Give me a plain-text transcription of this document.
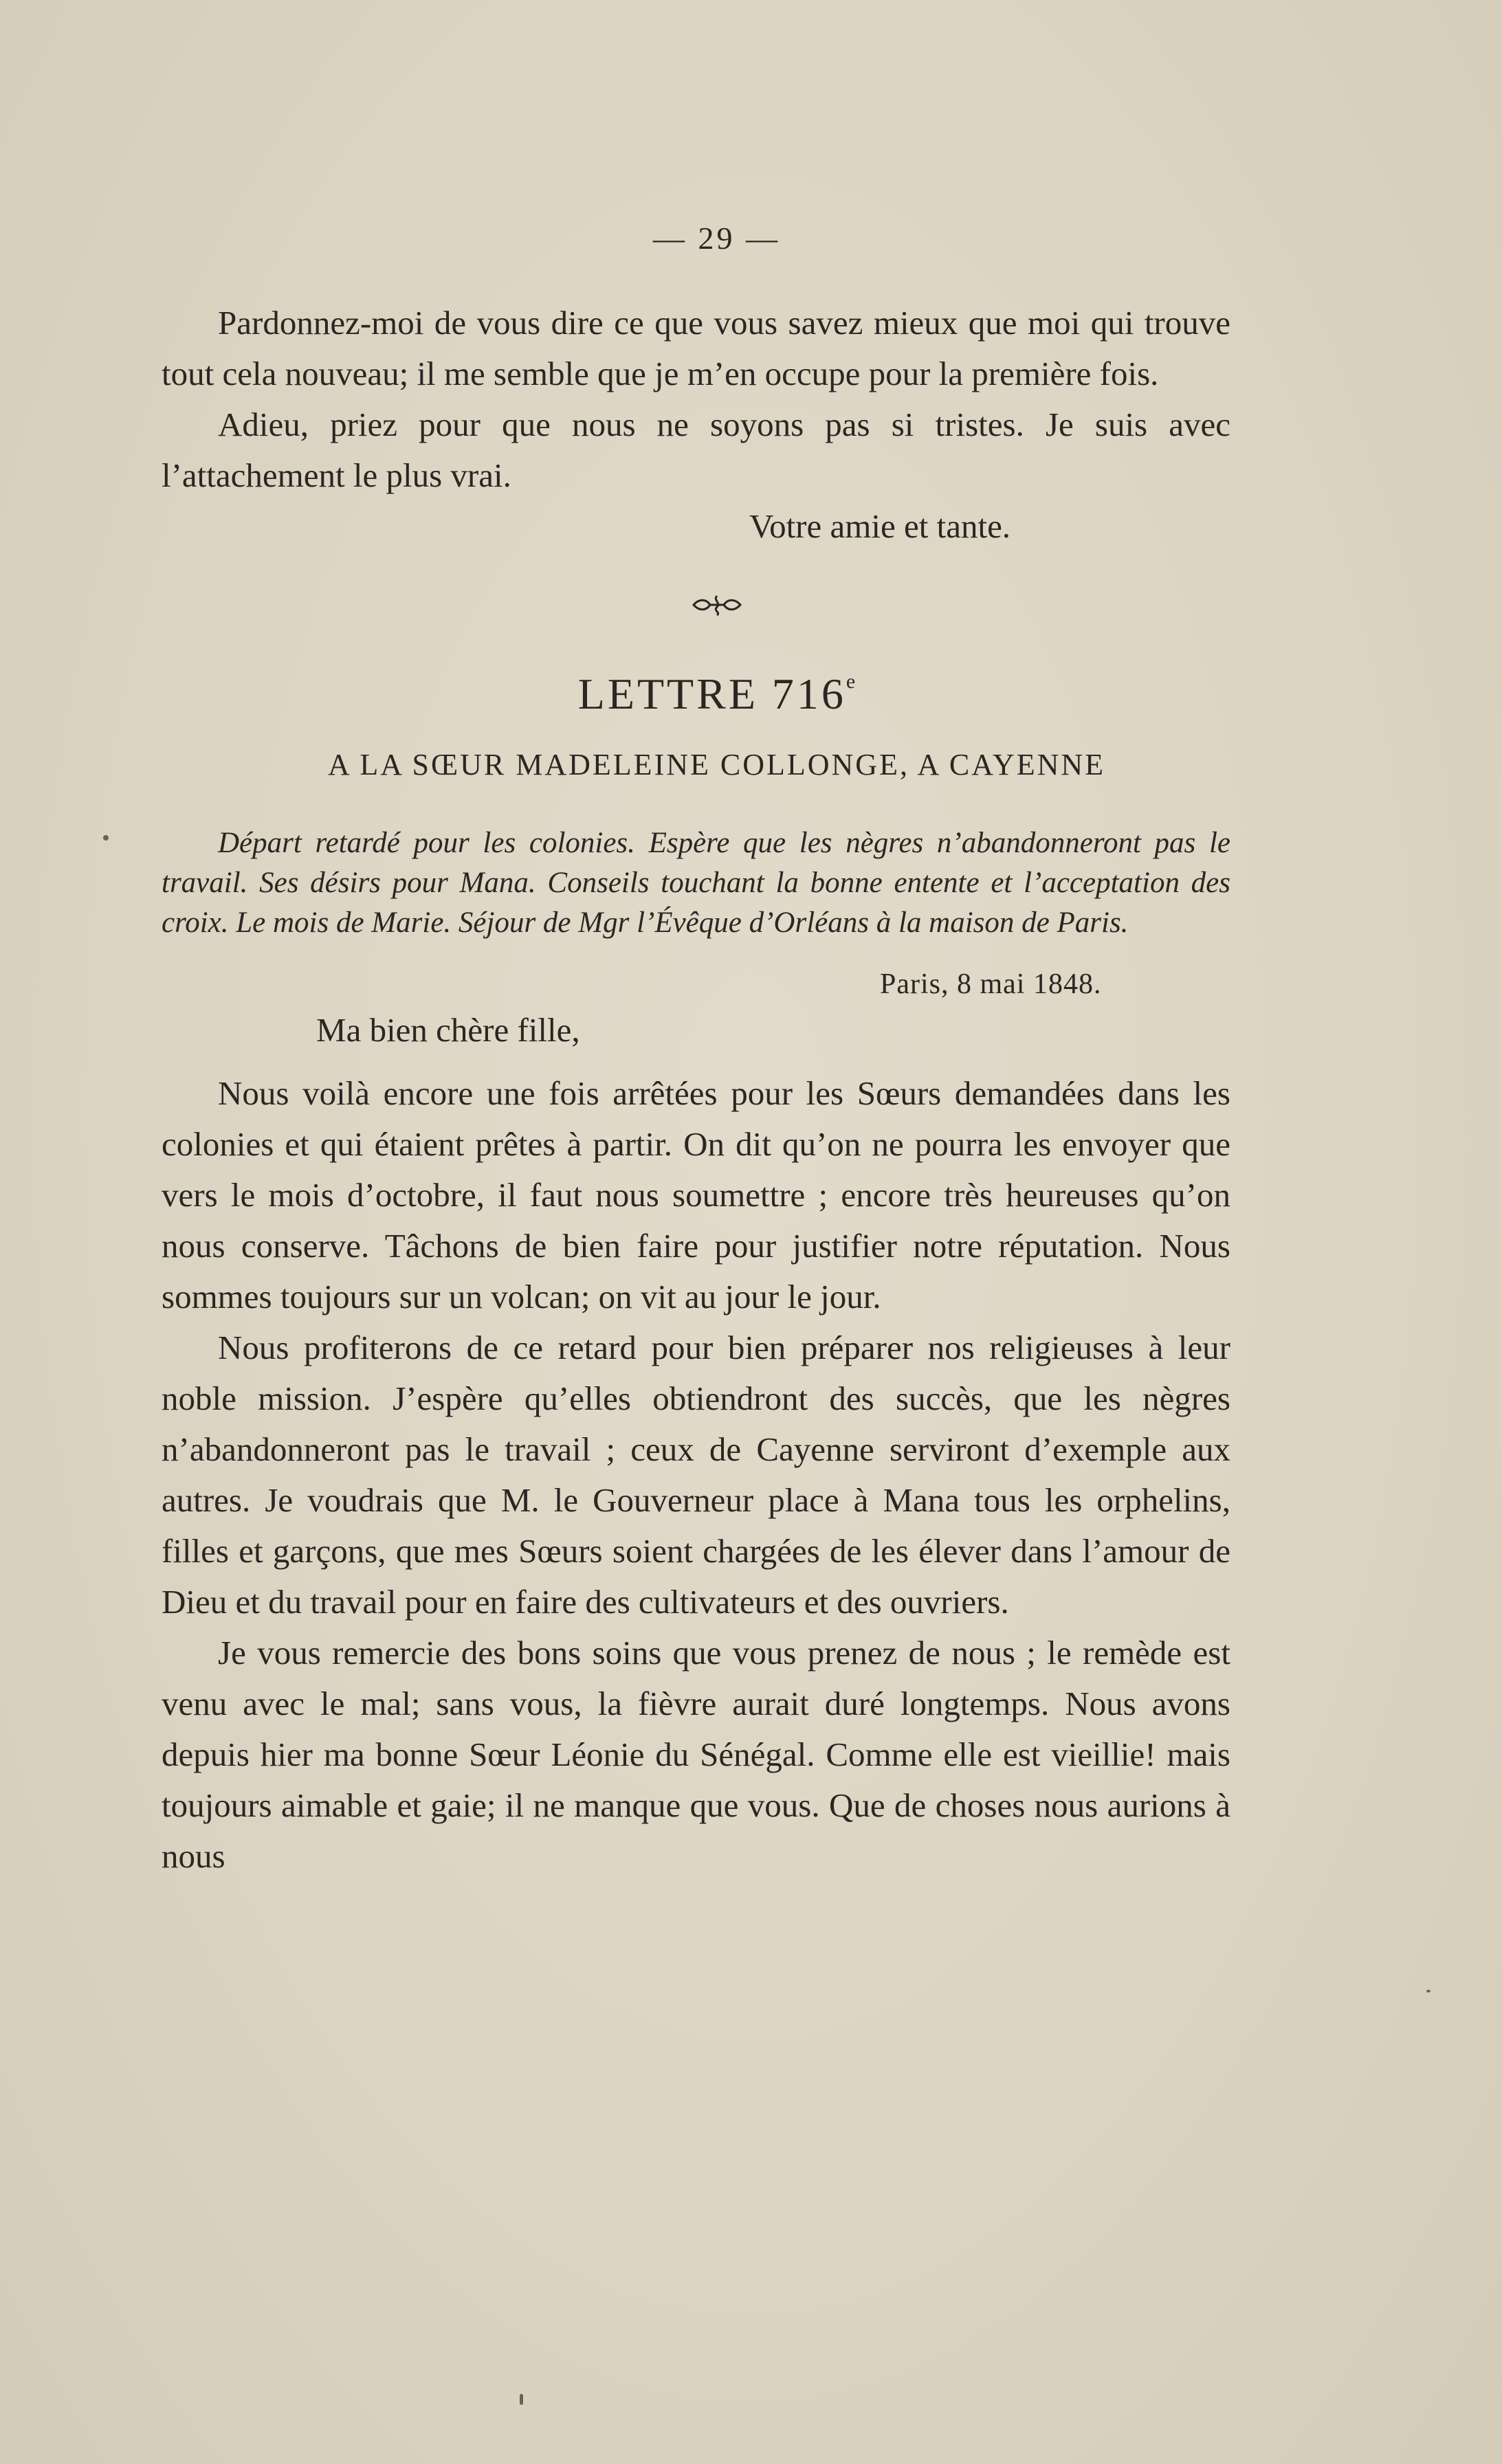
— 29 —

Pardonnez-moi de vous dire ce que vous savez mieux que moi qui trouve tout cela nouveau; il me semble que je m’en occupe pour la première fois.

Adieu, priez pour que nous ne soyons pas si tristes. Je suis avec l’attachement le plus vrai.

Votre amie et tante.
LETTRE 716e
A LA SŒUR MADELEINE COLLONGE, A CAYENNE

Départ retardé pour les colonies. Espère que les nègres n’abandonneront pas le travail. Ses désirs pour Mana. Conseils touchant la bonne entente et l’acceptation des croix. Le mois de Marie. Séjour de Mgr l’Évêque d’Orléans à la maison de Paris.

Paris, 8 mai 1848.
Ma bien chère fille,

Nous voilà encore une fois arrêtées pour les Sœurs demandées dans les colonies et qui étaient prêtes à partir. On dit qu’on ne pourra les envoyer que vers le mois d’octobre, il faut nous soumettre ; encore très heureuses qu’on nous conserve. Tâchons de bien faire pour justifier notre réputation. Nous sommes toujours sur un volcan; on vit au jour le jour.

Nous profiterons de ce retard pour bien préparer nos religieuses à leur noble mission. J’espère qu’elles obtiendront des succès, que les nègres n’abandonneront pas le travail ; ceux de Cayenne serviront d’exemple aux autres. Je voudrais que M. le Gouverneur place à Mana tous les orphelins, filles et garçons, que mes Sœurs soient chargées de les élever dans l’amour de Dieu et du travail pour en faire des cultivateurs et des ouvriers.

Je vous remercie des bons soins que vous prenez de nous ; le remède est venu avec le mal; sans vous, la fièvre aurait duré longtemps. Nous avons depuis hier ma bonne Sœur Léonie du Sénégal. Comme elle est vieillie! mais toujours aimable et gaie; il ne manque que vous. Que de choses nous aurions à nous
